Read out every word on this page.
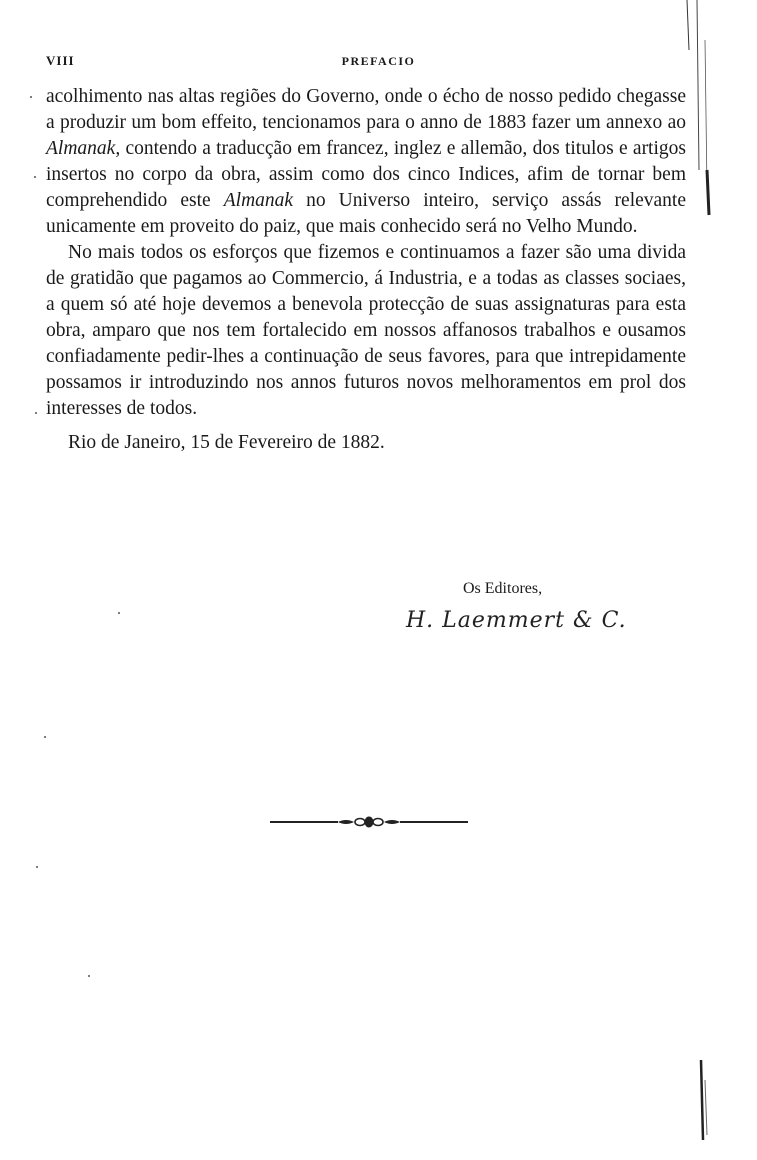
VIII	PREFACIO

acolhimento nas altas regiões do Governo, onde o écho de nosso pedido chegasse a produzir um bom effeito, tencionamos para o anno de 1883 fazer um annexo ao Almanak, contendo a traducção em francez, inglez e allemão, dos titulos e artigos insertos no corpo da obra, assim como dos cinco Indices, afim de tornar bem comprehendido este Almanak no Universo inteiro, serviço assás relevante unicamente em proveito do paiz, que mais conhecido será no Velho Mundo.

No mais todos os esforços que fizemos e continuamos a fazer são uma divida de gratidão que pagamos ao Commercio, á Industria, e a todas as classes sociaes, a quem só até hoje devemos a benevola protecção de suas assignaturas para esta obra, amparo que nos tem fortalecido em nossos affanosos trabalhos e ousamos confiadamente pedir-lhes a continuação de seus favores, para que intrepidamente possamos ir introduzindo nos annos futuros novos melhoramentos em prol dos interesses de todos.

Rio de Janeiro, 15 de Fevereiro de 1882.

Os Editores,
H. Laemmert & C.
